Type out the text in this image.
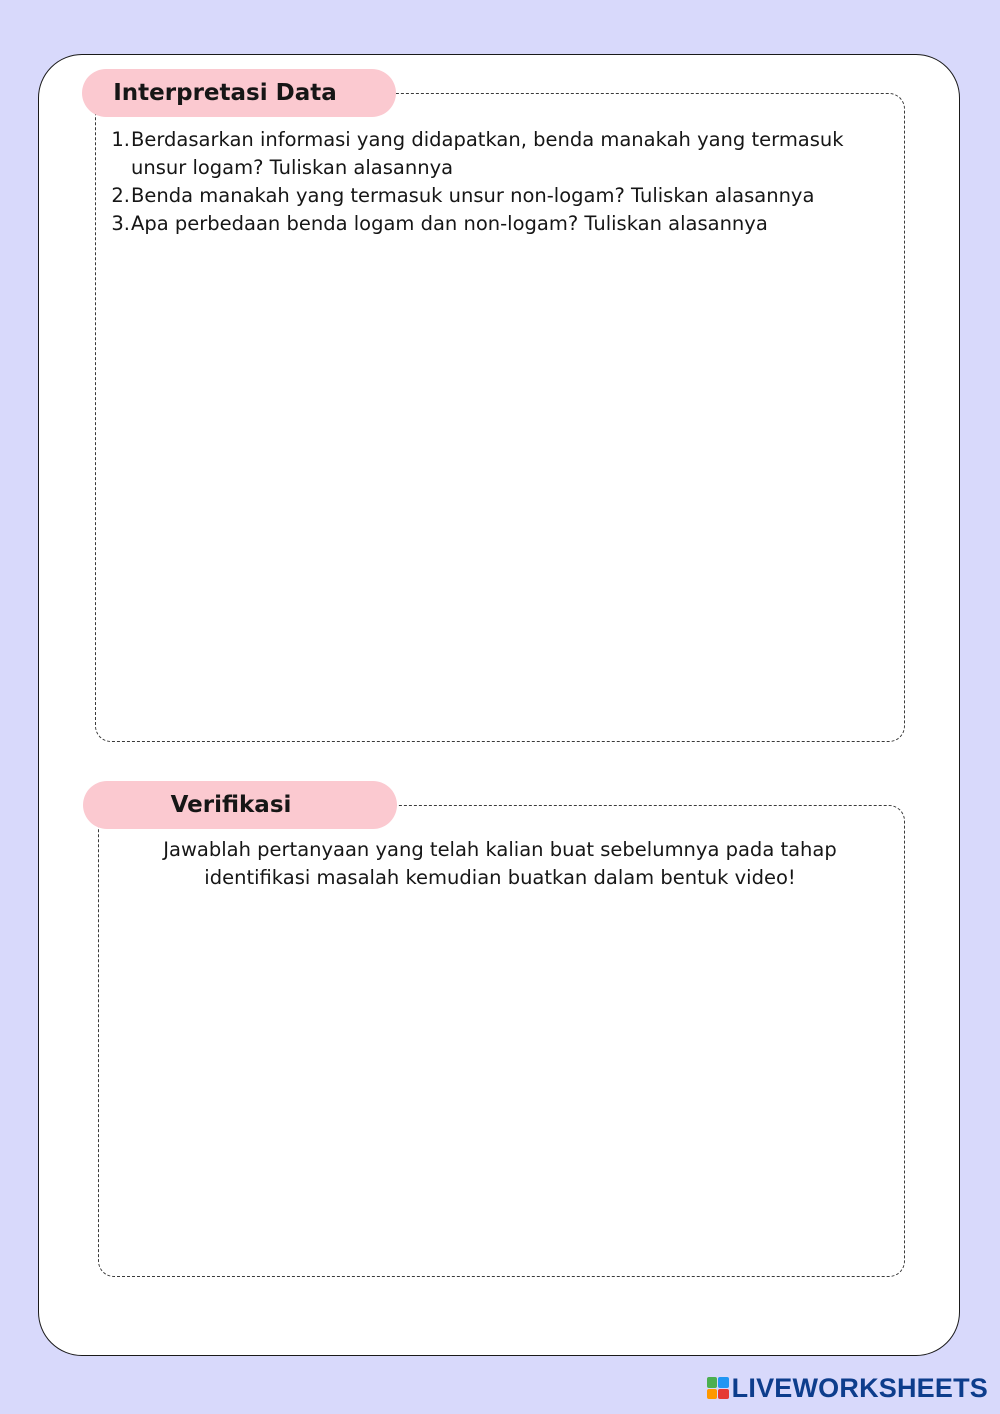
Interpretasi Data
1. Berdasarkan informasi yang didapatkan, benda manakah yang termasuk unsur logam? Tuliskan alasannya
2. Benda manakah yang termasuk unsur non-logam? Tuliskan alasannya
3. Apa perbedaan benda logam dan non-logam? Tuliskan alasannya
Verifikasi
Jawablah pertanyaan yang telah kalian buat sebelumnya pada tahap
identifikasi masalah kemudian buatkan dalam bentuk video!
LIVEWORKSHEETS
